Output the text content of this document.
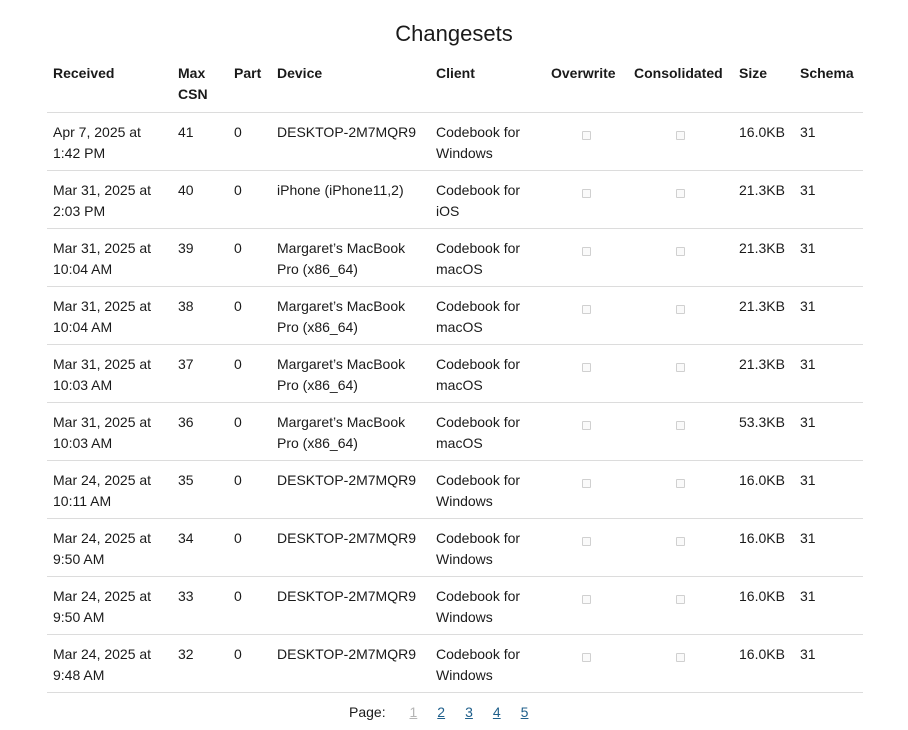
Changesets
Received	Max CSN	Part	Device	Client	Overwrite	Consolidated	Size	Schema
Apr 7, 2025 at 1:42 PM	41	0	DESKTOP-2M7MQR9	Codebook for Windows			16.0KB	31
Mar 31, 2025 at 2:03 PM	40	0	iPhone (iPhone11,2)	Codebook for iOS			21.3KB	31
Mar 31, 2025 at 10:04 AM	39	0	Margaret’s MacBook Pro (x86_64)	Codebook for macOS			21.3KB	31
Mar 31, 2025 at 10:04 AM	38	0	Margaret’s MacBook Pro (x86_64)	Codebook for macOS			21.3KB	31
Mar 31, 2025 at 10:03 AM	37	0	Margaret’s MacBook Pro (x86_64)	Codebook for macOS			21.3KB	31
Mar 31, 2025 at 10:03 AM	36	0	Margaret’s MacBook Pro (x86_64)	Codebook for macOS			53.3KB	31
Mar 24, 2025 at 10:11 AM	35	0	DESKTOP-2M7MQR9	Codebook for Windows			16.0KB	31
Mar 24, 2025 at 9:50 AM	34	0	DESKTOP-2M7MQR9	Codebook for Windows			16.0KB	31
Mar 24, 2025 at 9:50 AM	33	0	DESKTOP-2M7MQR9	Codebook for Windows			16.0KB	31
Mar 24, 2025 at 9:48 AM	32	0	DESKTOP-2M7MQR9	Codebook for Windows			16.0KB	31
Page: 1 2 3 4 5
